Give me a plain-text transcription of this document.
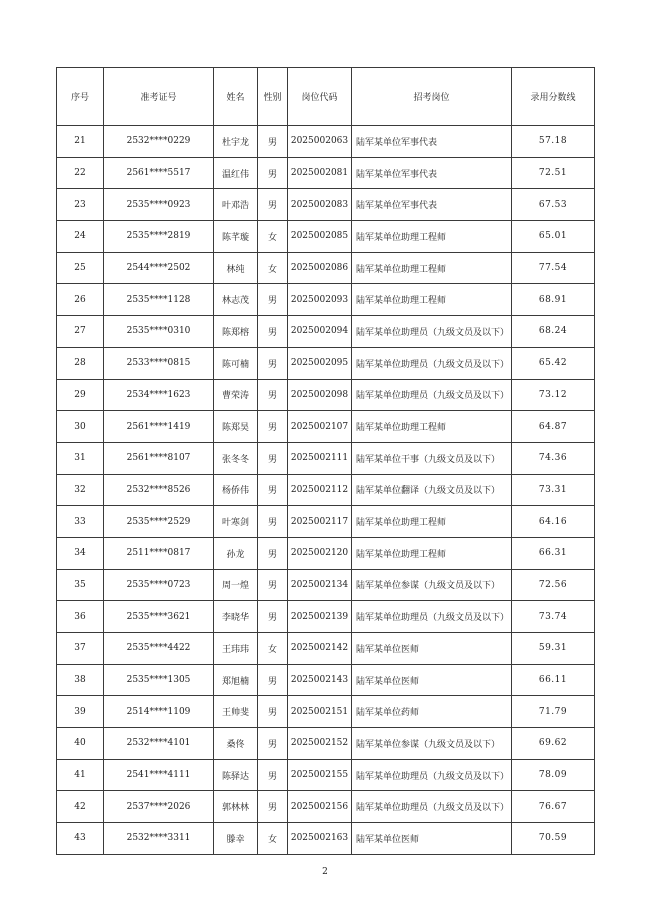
序号	准考证号	姓名	性别	岗位代码	招考岗位	录用分数线
21	2532****0229	杜宇龙	男	2025002063	陆军某单位军事代表	57.18
22	2561****5517	温红伟	男	2025002081	陆军某单位军事代表	72.51
23	2535****0923	叶邓浩	男	2025002083	陆军某单位军事代表	67.53
24	2535****2819	陈芊璇	女	2025002085	陆军某单位助理工程师	65.01
25	2544****2502	林纯	女	2025002086	陆军某单位助理工程师	77.54
26	2535****1128	林志茂	男	2025002093	陆军某单位助理工程师	68.91
27	2535****0310	陈郑榕	男	2025002094	陆军某单位助理员（九级文员及以下）	68.24
28	2533****0815	陈可楠	男	2025002095	陆军某单位助理员（九级文员及以下）	65.42
29	2534****1623	曹荣涛	男	2025002098	陆军某单位助理员（九级文员及以下）	73.12
30	2561****1419	陈郑昊	男	2025002107	陆军某单位助理工程师	64.87
31	2561****8107	张冬冬	男	2025002111	陆军某单位干事（九级文员及以下）	74.36
32	2532****8526	杨侨伟	男	2025002112	陆军某单位翻译（九级文员及以下）	73.31
33	2535****2529	叶寒剑	男	2025002117	陆军某单位助理工程师	64.16
34	2511****0817	孙龙	男	2025002120	陆军某单位助理工程师	66.31
35	2535****0723	周一煌	男	2025002134	陆军某单位参谋（九级文员及以下）	72.56
36	2535****3621	李晓华	男	2025002139	陆军某单位助理员（九级文员及以下）	73.74
37	2535****4422	王玮玮	女	2025002142	陆军某单位医师	59.31
38	2535****1305	郑旭楠	男	2025002143	陆军某单位医师	66.11
39	2514****1109	王帅斐	男	2025002151	陆军某单位药师	71.79
40	2532****4101	桑佟	男	2025002152	陆军某单位参谋（九级文员及以下）	69.62
41	2541****4111	陈驿达	男	2025002155	陆军某单位助理员（九级文员及以下）	78.09
42	2537****2026	郭林林	男	2025002156	陆军某单位助理员（九级文员及以下）	76.67
43	2532****3311	滕幸	女	2025002163	陆军某单位医师	70.59
2
